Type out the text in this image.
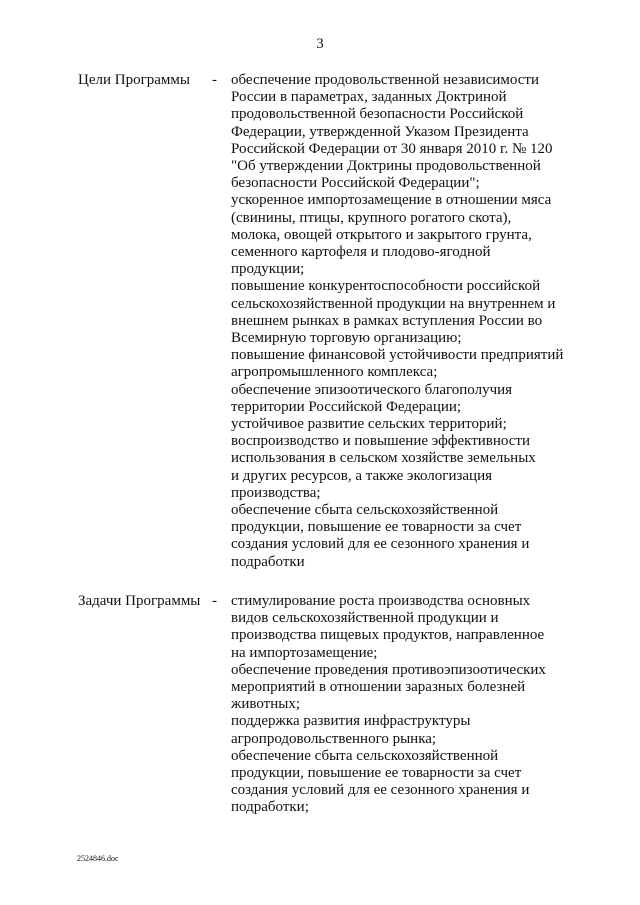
3
Цели Программы - обеспечение продовольственной независимости
России в параметрах, заданных Доктриной
продовольственной безопасности Российской
Федерации, утвержденной Указом Президента
Российской Федерации от 30 января 2010 г. № 120
"Об утверждении Доктрины продовольственной
безопасности Российской Федерации";
ускоренное импортозамещение в отношении мяса
(свинины, птицы, крупного рогатого скота),
молока, овощей открытого и закрытого грунта,
семенного картофеля и плодово-ягодной
продукции;
повышение конкурентоспособности российской
сельскохозяйственной продукции на внутреннем и
внешнем рынках в рамках вступления России во
Всемирную торговую организацию;
повышение финансовой устойчивости предприятий
агропромышленного комплекса;
обеспечение эпизоотического благополучия
территории Российской Федерации;
устойчивое развитие сельских территорий;
воспроизводство и повышение эффективности
использования в сельском хозяйстве земельных
и других ресурсов, а также экологизация
производства;
обеспечение сбыта сельскохозяйственной
продукции, повышение ее товарности за счет
создания условий для ее сезонного хранения и
подработки
Задачи Программы - стимулирование роста производства основных
видов сельскохозяйственной продукции и
производства пищевых продуктов, направленное
на импортозамещение;
обеспечение проведения противоэпизоотических
мероприятий в отношении заразных болезней
животных;
поддержка развития инфраструктуры
агропродовольственного рынка;
обеспечение сбыта сельскохозяйственной
продукции, повышение ее товарности за счет
создания условий для ее сезонного хранения и
подработки;
2524846.doc
